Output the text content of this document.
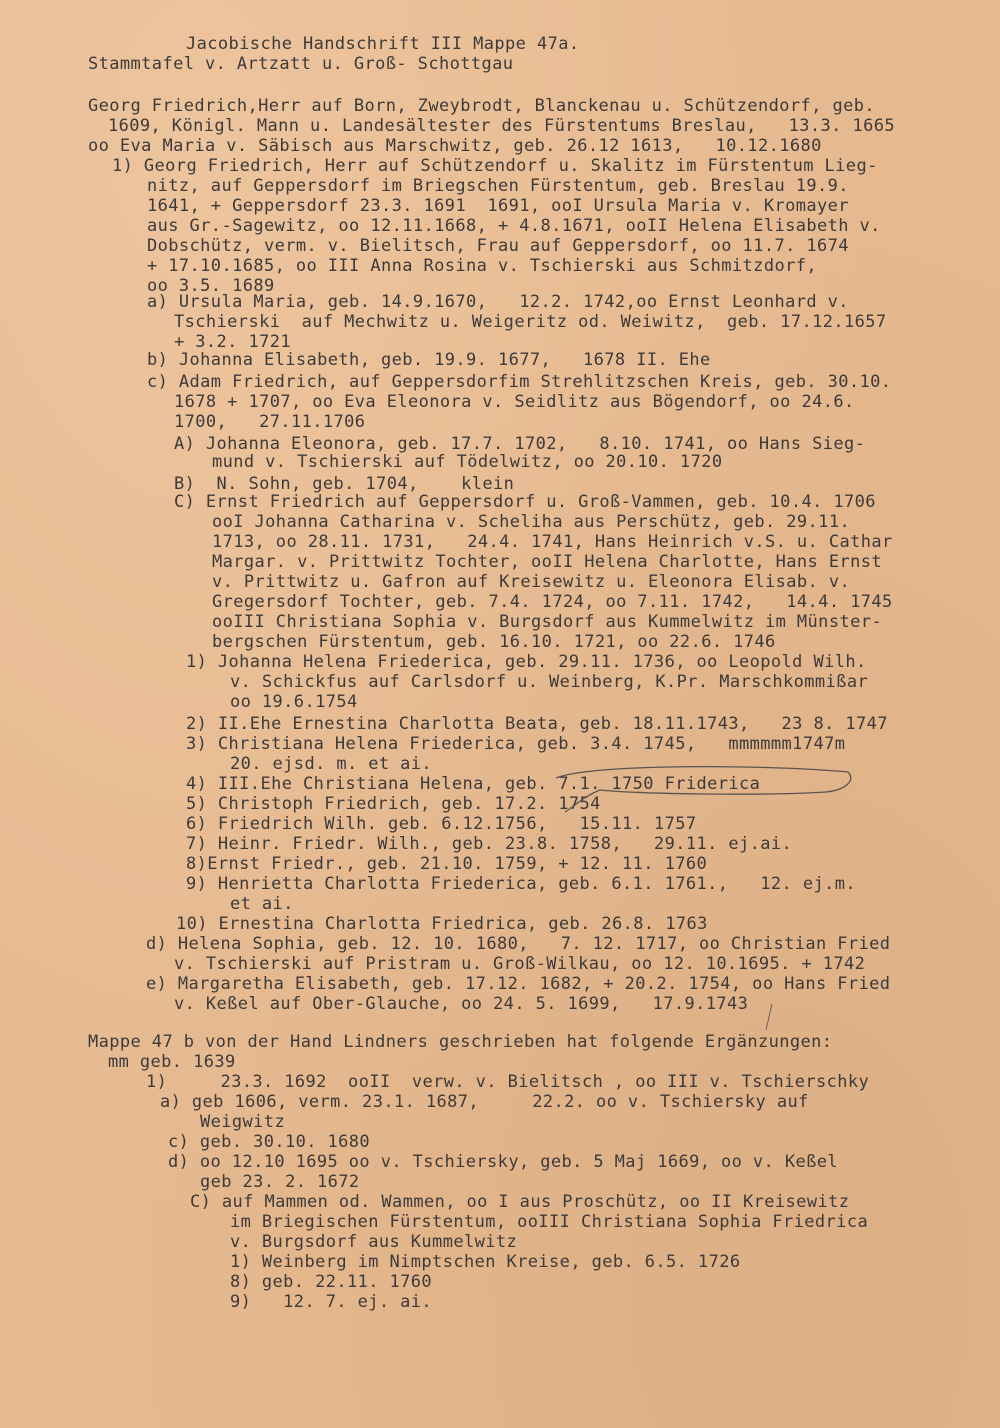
Jacobische Handschrift III Mappe 47a.
Stammtafel v. Artzatt u. Groß- Schottgau
Georg Friedrich,Herr auf Born, Zweybrodt, Blanckenau u. Schützendorf, geb.
1609, Königl. Mann u. Landesältester des Fürstentums Breslau,   13.3. 1665
oo Eva Maria v. Säbisch aus Marschwitz, geb. 26.12 1613,   10.12.1680
1) Georg Friedrich, Herr auf Schützendorf u. Skalitz im Fürstentum Lieg-
nitz, auf Geppersdorf im Briegschen Fürstentum, geb. Breslau 19.9.
1641, + Geppersdorf 23.3. 1691  1691, ooI Ursula Maria v. Kromayer
aus Gr.-Sagewitz, oo 12.11.1668, + 4.8.1671, ooII Helena Elisabeth v.
Dobschütz, verm. v. Bielitsch, Frau auf Geppersdorf, oo 11.7. 1674
+ 17.10.1685, oo III Anna Rosina v. Tschierski aus Schmitzdorf,
oo 3.5. 1689
a) Ursula Maria, geb. 14.9.1670,   12.2. 1742,oo Ernst Leonhard v.
Tschierski  auf Mechwitz u. Weigeritz od. Weiwitz,  geb. 17.12.1657
+ 3.2. 1721
b) Johanna Elisabeth, geb. 19.9. 1677,   1678 II. Ehe
c) Adam Friedrich, auf Geppersdorfim Strehlitzschen Kreis, geb. 30.10.
1678 + 1707, oo Eva Eleonora v. Seidlitz aus Bögendorf, oo 24.6.
1700,   27.11.1706
A) Johanna Eleonora, geb. 17.7. 1702,   8.10. 1741, oo Hans Sieg-
mund v. Tschierski auf Tödelwitz, oo 20.10. 1720
B)  N. Sohn, geb. 1704,    klein
C) Ernst Friedrich auf Geppersdorf u. Groß-Vammen, geb. 10.4. 1706
ooI Johanna Catharina v. Scheliha aus Perschütz, geb. 29.11.
1713, oo 28.11. 1731,   24.4. 1741, Hans Heinrich v.S. u. Cathar
Margar. v. Prittwitz Tochter, ooII Helena Charlotte, Hans Ernst
v. Prittwitz u. Gafron auf Kreisewitz u. Eleonora Elisab. v.
Gregersdorf Tochter, geb. 7.4. 1724, oo 7.11. 1742,   14.4. 1745
ooIII Christiana Sophia v. Burgsdorf aus Kummelwitz im Münster-
bergschen Fürstentum, geb. 16.10. 1721, oo 22.6. 1746
1) Johanna Helena Friederica, geb. 29.11. 1736, oo Leopold Wilh.
v. Schickfus auf Carlsdorf u. Weinberg, K.Pr. Marschkommißar
oo 19.6.1754
2) II.Ehe Ernestina Charlotta Beata, geb. 18.11.1743,   23 8. 1747
3) Christiana Helena Friederica, geb. 3.4. 1745,   mmmmmm1747m
20. ejsd. m. et ai.
4) III.Ehe Christiana Helena, geb. 7.1. 1750 Friderica
5) Christoph Friedrich, geb. 17.2. 1754
6) Friedrich Wilh. geb. 6.12.1756,   15.11. 1757
7) Heinr. Friedr. Wilh., geb. 23.8. 1758,   29.11. ej.ai.
8)Ernst Friedr., geb. 21.10. 1759, + 12. 11. 1760
9) Henrietta Charlotta Friederica, geb. 6.1. 1761.,   12. ej.m.
et ai.
10) Ernestina Charlotta Friedrica, geb. 26.8. 1763
d) Helena Sophia, geb. 12. 10. 1680,   7. 12. 1717, oo Christian Fried
v. Tschierski auf Pristram u. Groß-Wilkau, oo 12. 10.1695. + 1742
e) Margaretha Elisabeth, geb. 17.12. 1682, + 20.2. 1754, oo Hans Fried
v. Keßel auf Ober-Glauche, oo 24. 5. 1699,   17.9.1743
Mappe 47 b von der Hand Lindners geschrieben hat folgende Ergänzungen:
mm geb. 1639
1)     23.3. 1692  ooII  verw. v. Bielitsch , oo III v. Tschierschky
a) geb 1606, verm. 23.1. 1687,     22.2. oo v. Tschiersky auf
Weigwitz
c) geb. 30.10. 1680
d) oo 12.10 1695 oo v. Tschiersky, geb. 5 Maj 1669, oo v. Keßel
geb 23. 2. 1672
C) auf Mammen od. Wammen, oo I aus Proschütz, oo II Kreisewitz
im Briegischen Fürstentum, ooIII Christiana Sophia Friedrica
v. Burgsdorf aus Kummelwitz
1) Weinberg im Nimptschen Kreise, geb. 6.5. 1726
8) geb. 22.11. 1760
9)   12. 7. ej. ai.
